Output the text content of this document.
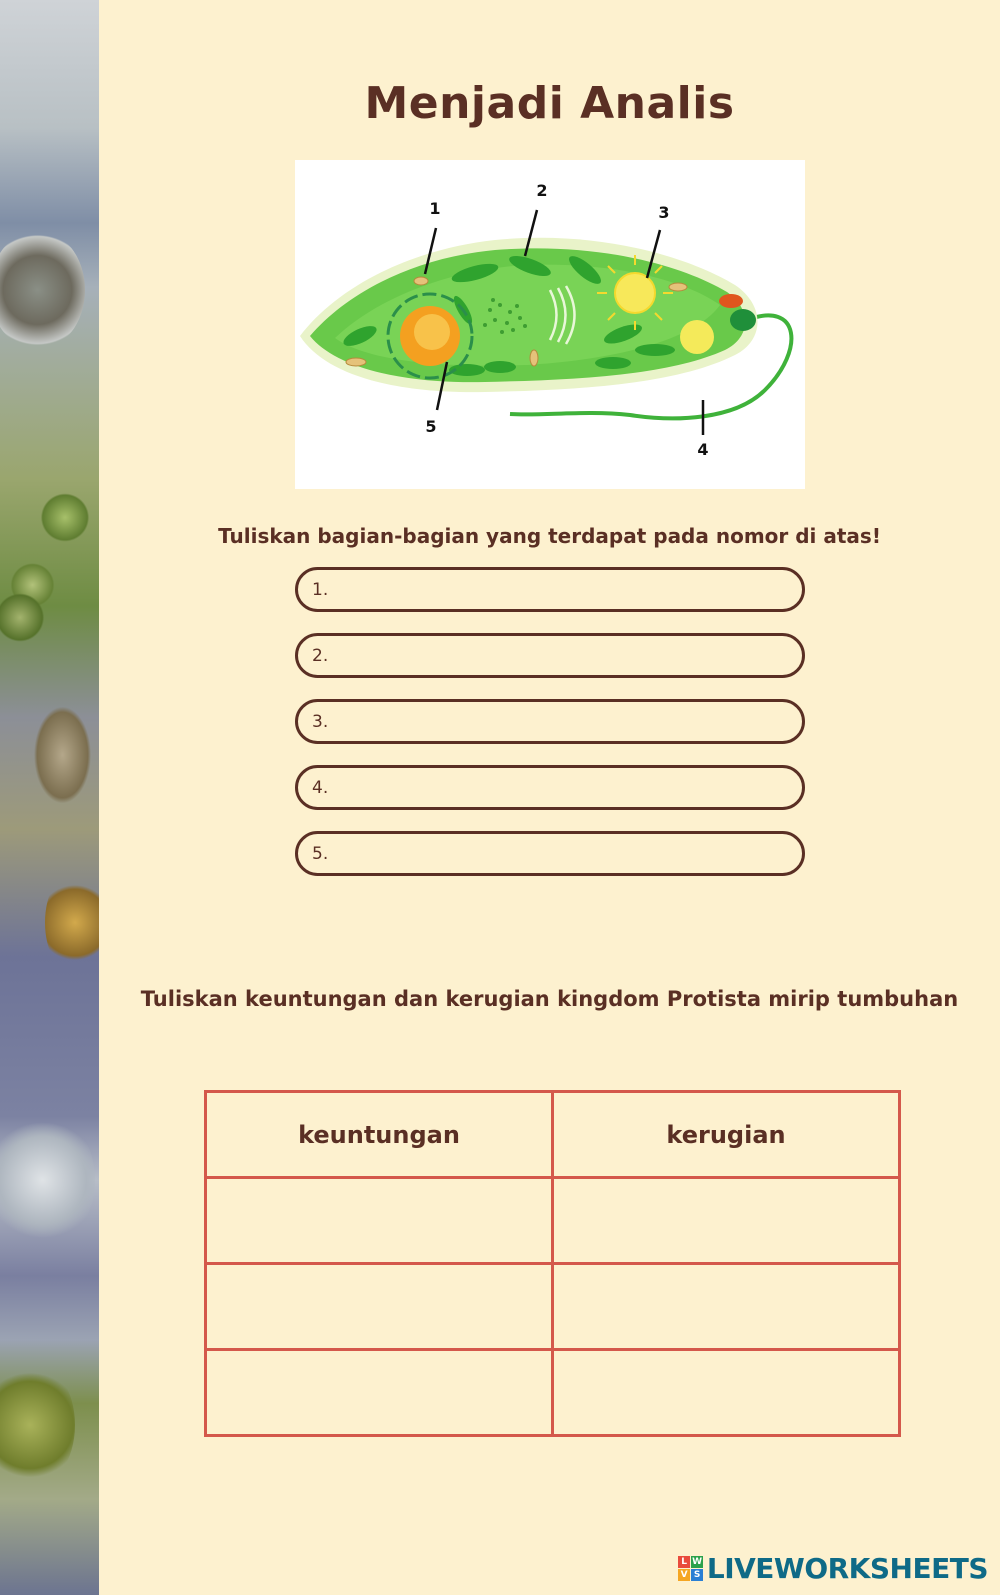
Menjadi Analis
1
2
3
4
5
Tuliskan bagian-bagian yang terdapat pada nomor di atas!
1.
2.
3.
4.
5.
Tuliskan keuntungan dan kerugian kingdom Protista mirip tumbuhan
keuntungan	kerugian

L W
V S LIVEWORKSHEETS
